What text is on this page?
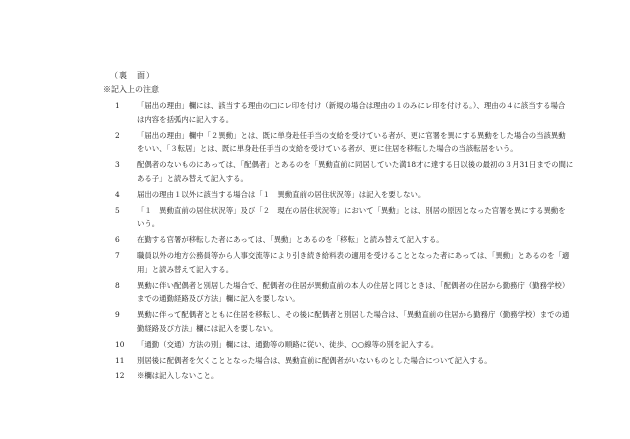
（裏　面）
※記入上の注意
1	「届出の理由」欄には、該当する理由の□にレ印を付け（新規の場合は理由の１のみにレ印を付ける。）、理由の４に該当する場合
は内容を括弧内に記入する。
2	「届出の理由」欄中「２異動」とは、既に単身赴任手当の支給を受けている者が、更に官署を異にする異動をした場合の当該異動
をいい、「３転居」とは、既に単身赴任手当の支給を受けている者が、更に住居を移転した場合の当該転居をいう。
3	配偶者のないものにあっては、「配偶者」とあるのを「異動直前に同居していた満18才に達する日以後の最初の３月31日までの間に
ある子」と読み替えて記入する。
4	届出の理由１以外に該当する場合は「１　異動直前の居住状況等」は記入を要しない。
5	「１　異動直前の居住状況等」及び「２　現在の居住状況等」において「異動」とは、別居の原因となった官署を異にする異動を
いう。
6	在勤する官署が移転した者にあっては、「異動」とあるのを「移転」と読み替えて記入する。
7	職員以外の地方公務員等から人事交流等により引き続き給料表の適用を受けることとなった者にあっては、「異動」とあるのを「適
用」と読み替えて記入する。
8	異動に伴い配偶者と別居した場合で、配偶者の住居が異動直前の本人の住居と同じときは、「配偶者の住居から勤務庁（勤務学校）
までの通勤経路及び方法」欄に記入を要しない。
9	異動に伴って配偶者とともに住居を移転し、その後に配偶者と別居した場合は、「異動直前の住居から勤務庁（勤務学校）までの通
勤経路及び方法」欄には記入を要しない。
10	「通勤（交通）方法の別」欄には、通勤等の順路に従い、徒歩、○○線等の別を記入する。
11	別居後に配偶者を欠くこととなった場合は、異動直前に配偶者がいないものとした場合について記入する。
12	※欄は記入しないこと。
